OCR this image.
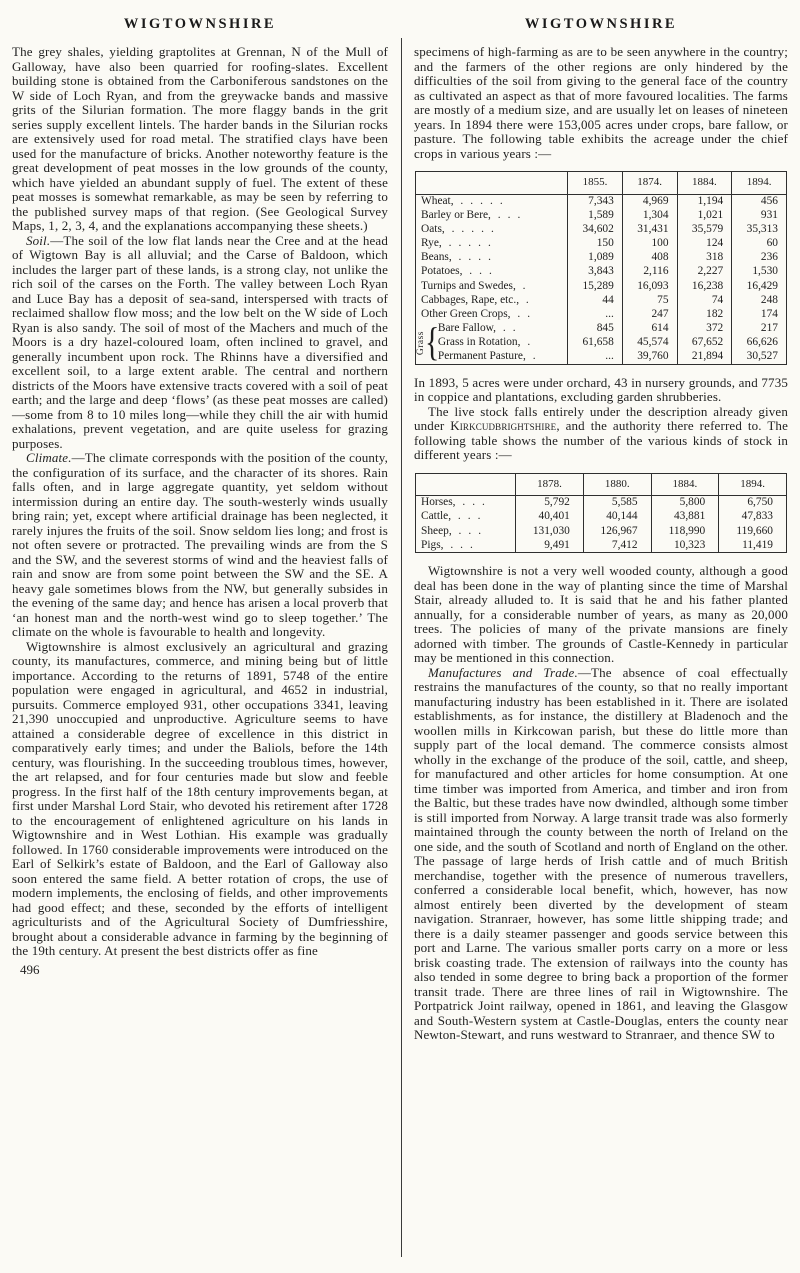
WIGTOWNSHIRE

The grey shales, yielding graptolites at Grennan, N of the Mull of Galloway, have also been quarried for roofing-slates. Excellent building stone is obtained from the Carboniferous sandstones on the W side of Loch Ryan, and from the greywacke bands and massive grits of the Silurian formation. The more flaggy bands in the grit series supply excellent lintels. The harder bands in the Silurian rocks are extensively used for road metal. The stratified clays have been used for the manufacture of bricks. Another noteworthy feature is the great development of peat mosses in the low grounds of the county, which have yielded an abundant supply of fuel. The extent of these peat mosses is somewhat remarkable, as may be seen by referring to the published survey maps of that region. (See Geological Survey Maps, 1, 2, 3, 4, and the explanations accompanying these sheets.)

Soil.—The soil of the low flat lands near the Cree and at the head of Wigtown Bay is all alluvial; and the Carse of Baldoon, which includes the larger part of these lands, is a strong clay, not unlike the rich soil of the carses on the Forth. The valley between Loch Ryan and Luce Bay has a deposit of sea-sand, interspersed with tracts of reclaimed shallow flow moss; and the low belt on the W side of Loch Ryan is also sandy. The soil of most of the Machers and much of the Moors is a dry hazel-coloured loam, often inclined to gravel, and generally incumbent upon rock. The Rhinns have a diversified and excellent soil, to a large extent arable. The central and northern districts of the Moors have extensive tracts covered with a soil of peat earth; and the large and deep ‘flows’ (as these peat mosses are called)—some from 8 to 10 miles long—while they chill the air with humid exhalations, prevent vegetation, and are quite useless for grazing purposes.

Climate.—The climate corresponds with the position of the county, the configuration of its surface, and the character of its shores. Rain falls often, and in large aggregate quantity, yet seldom without intermission during an entire day. The south-westerly winds usually bring rain; yet, except where artificial drainage has been neglected, it rarely injures the fruits of the soil. Snow seldom lies long; and frost is not often severe or protracted. The prevailing winds are from the S and the SW, and the severest storms of wind and the heaviest falls of rain and snow are from some point between the SW and the SE. A heavy gale sometimes blows from the NW, but generally subsides in the evening of the same day; and hence has arisen a local proverb that ‘an honest man and the north-west wind go to sleep together.’ The climate on the whole is favourable to health and longevity.

Wigtownshire is almost exclusively an agricultural and grazing county, its manufactures, commerce, and mining being but of little importance. According to the returns of 1891, 5748 of the entire population were engaged in agricultural, and 4652 in industrial, pursuits. Commerce employed 931, other occupations 3341, leaving 21,390 unoccupied and unproductive. Agriculture seems to have attained a considerable degree of excellence in this district in comparatively early times; and under the Baliols, before the 14th century, was flourishing. In the succeeding troublous times, however, the art relapsed, and for four centuries made but slow and feeble progress. In the first half of the 18th century improvements began, at first under Marshal Lord Stair, who devoted his retirement after 1728 to the encouragement of enlightened agriculture on his lands in Wigtownshire and in West Lothian. His example was gradually followed. In 1760 considerable improvements were introduced on the Earl of Selkirk’s estate of Baldoon, and the Earl of Galloway also soon entered the same field. A better rotation of crops, the use of modern implements, the enclosing of fields, and other improvements had good effect; and these, seconded by the efforts of intelligent agriculturists and of the Agricultural Society of Dumfriesshire, brought about a considerable advance in farming by the beginning of the 19th century. At present the best districts offer as fine

496
WIGTOWNSHIRE

specimens of high-farming as are to be seen anywhere in the country; and the farmers of the other regions are only hindered by the difficulties of the soil from giving to the general face of the country as cultivated an aspect as that of more favoured localities. The farms are mostly of a medium size, and are usually let on leases of nineteen years. In 1894 there were 153,005 acres under crops, bare fallow, or pasture. The following table exhibits the acreage under the chief crops in various years :—

		1855.	1874.	1884.	1894.
Wheat, .....		7,343	4,969	1,194	456
Barley or Bere, ...		1,589	1,304	1,021	931
Oats, .....		34,602	31,431	35,579	35,313
Rye, .....		150	100	124	60
Beans, ....		1,089	408	318	236
Potatoes, ...		3,843	2,116	2,227	1,530
Turnips and Swedes, .		15,289	16,093	16,238	16,429
Cabbages, Rape, etc., .		44	75	74	248
Other Green Crops, ..		...	247	182	174

Grass {	Bare Fallow, ..	845	614	372	217
	Grass in Rotation, .	61,658	45,574	67,652	66,626
	Permanent Pasture, .	...	39,760	21,894	30,527

In 1893, 5 acres were under orchard, 43 in nursery grounds, and 7735 in coppice and plantations, excluding garden shrubberies.

The live stock falls entirely under the description already given under Kirkcudbrightshire, and the authority there referred to. The following table shows the number of the various kinds of stock in different years :—

	1878.	1880.	1884.	1894.
Horses, ...	5,792	5,585	5,800	6,750
Cattle, ...	40,401	40,144	43,881	47,833
Sheep, ...	131,030	126,967	118,990	119,660
Pigs, ...	9,491	7,412	10,323	11,419

Wigtownshire is not a very well wooded county, although a good deal has been done in the way of planting since the time of Marshal Stair, already alluded to. It is said that he and his father planted annually, for a considerable number of years, as many as 20,000 trees. The policies of many of the private mansions are finely adorned with timber. The grounds of Castle-Kennedy in particular may be mentioned in this connection.

Manufactures and Trade.—The absence of coal effectually restrains the manufactures of the county, so that no really important manufacturing industry has been established in it. There are isolated establishments, as for instance, the distillery at Bladenoch and the woollen mills in Kirkcowan parish, but these do little more than supply part of the local demand. The commerce consists almost wholly in the exchange of the produce of the soil, cattle, and sheep, for manufactured and other articles for home consumption. At one time timber was imported from America, and timber and iron from the Baltic, but these trades have now dwindled, although some timber is still imported from Norway. A large transit trade was also formerly maintained through the county between the north of Ireland on the one side, and the south of Scotland and north of England on the other. The passage of large herds of Irish cattle and of much British merchandise, together with the presence of numerous travellers, conferred a considerable local benefit, which, however, has now almost entirely been diverted by the development of steam navigation. Stranraer, however, has some little shipping trade; and there is a daily steamer passenger and goods service between this port and Larne. The various smaller ports carry on a more or less brisk coasting trade. The extension of railways into the county has also tended in some degree to bring back a proportion of the former transit trade. There are three lines of rail in Wigtownshire. The Portpatrick Joint railway, opened in 1861, and leaving the Glasgow and South-Western system at Castle-Douglas, enters the county near Newton-Stewart, and runs westward to Stranraer, and thence SW to
